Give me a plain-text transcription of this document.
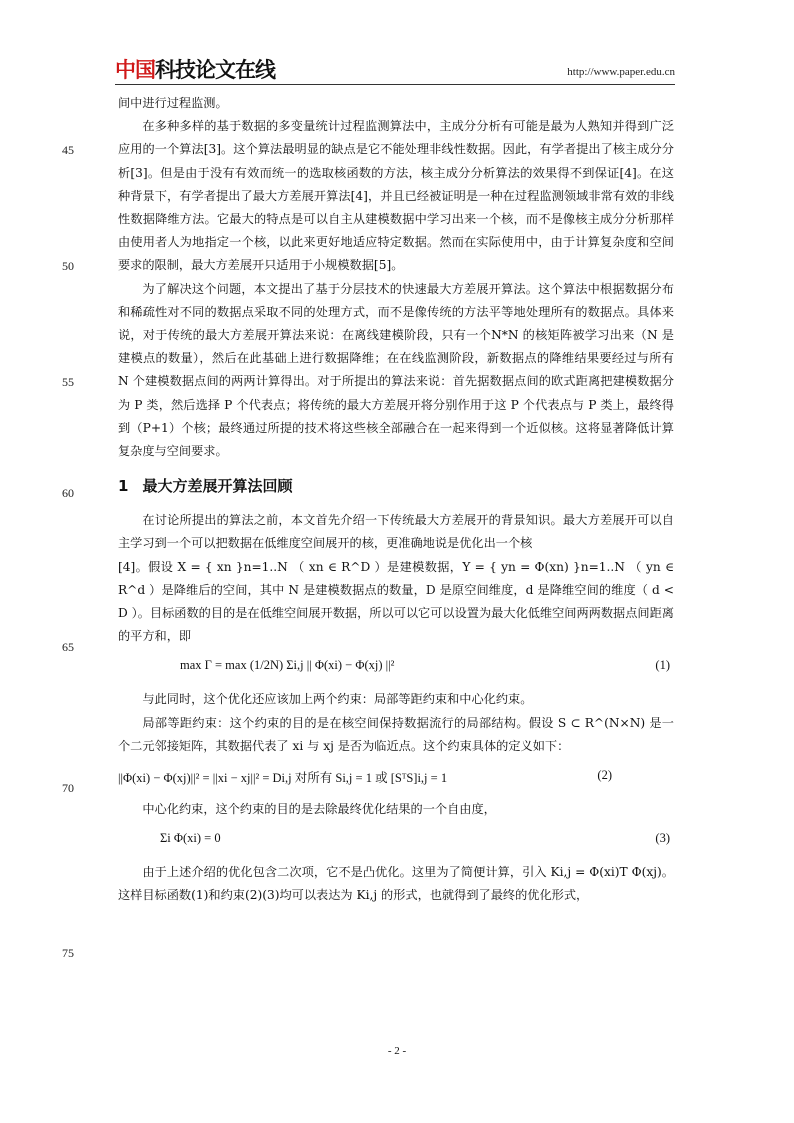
中国科技论文在线	http://www.paper.edu.cn
45
50
55
60
65
70
75

间中进行过程监测。

在多种多样的基于数据的多变量统计过程监测算法中，主成分分析有可能是最为人熟知并得到广泛应用的一个算法[3]。这个算法最明显的缺点是它不能处理非线性数据。因此，有学者提出了核主成分分析[3]。但是由于没有有效而统一的选取核函数的方法，核主成分分析算法的效果得不到保证[4]。在这种背景下，有学者提出了最大方差展开算法[4]，并且已经被证明是一种在过程监测领域非常有效的非线性数据降维方法。它最大的特点是可以自主从建模数据中学习出来一个核，而不是像核主成分分析那样由使用者人为地指定一个核，以此来更好地适应特定数据。然而在实际使用中，由于计算复杂度和空间要求的限制，最大方差展开只适用于小规模数据[5]。

为了解决这个问题，本文提出了基于分层技术的快速最大方差展开算法。这个算法中根据数据分布和稀疏性对不同的数据点采取不同的处理方式，而不是像传统的方法平等地处理所有的数据点。具体来说，对于传统的最大方差展开算法来说：在离线建模阶段，只有一个N*N 的核矩阵被学习出来（N 是建模点的数量），然后在此基础上进行数据降维；在在线监测阶段，新数据点的降维结果要经过与所有 N 个建模数据点间的两两计算得出。对于所提出的算法来说：首先据数据点间的欧式距离把建模数据分为 P 类，然后选择 P 个代表点；将传统的最大方差展开将分别作用于这 P 个代表点与 P 类上，最终得到（P+1）个核；最终通过所提的技术将这些核全部融合在一起来得到一个近似核。这将显著降低计算复杂度与空间要求。

1 最大方差展开算法回顾

在讨论所提出的算法之前，本文首先介绍一下传统最大方差展开的背景知识。最大方差展开可以自主学习到一个可以把数据在低维度空间展开的核，更准确地说是优化出一个核

[4]。假设 X = { xn }n=1..N （ xn ∈ R^D ）是建模数据，Y = { yn = Φ(xn) }n=1..N （ yn ∈ R^d ）是降维后的空间，其中 N 是建模数据点的数量，D 是原空间维度，d 是降维空间的维度（ d < D ）。目标函数的目的是在低维空间展开数据，所以可以它可以设置为最大化低维空间两两数据点间距离的平方和，即

max Γ = max (1/2N) Σi,j || Φ(xi) − Φ(xj) ||²	(1)

与此同时，这个优化还应该加上两个约束：局部等距约束和中心化约束。

局部等距约束：这个约束的目的是在核空间保持数据流行的局部结构。假设 S ⊂ R^(N×N) 是一个二元邻接矩阵，其数据代表了 xi 与 xj 是否为临近点。这个约束具体的定义如下：

||Φ(xi) − Φ(xj)||² = ||xi − xj||² = Di,j 对所有 Si,j = 1 或 [SᵀS]i,j = 1	(2)

中心化约束，这个约束的目的是去除最终优化结果的一个自由度，

Σi Φ(xi) = 0	(3)

由于上述介绍的优化包含二次项，它不是凸优化。这里为了简便计算，引入 Ki,j = Φ(xi)T Φ(xj)。这样目标函数(1)和约束(2)(3)均可以表达为 Ki,j 的形式，也就得到了最终的优化形式，

- 2 -
